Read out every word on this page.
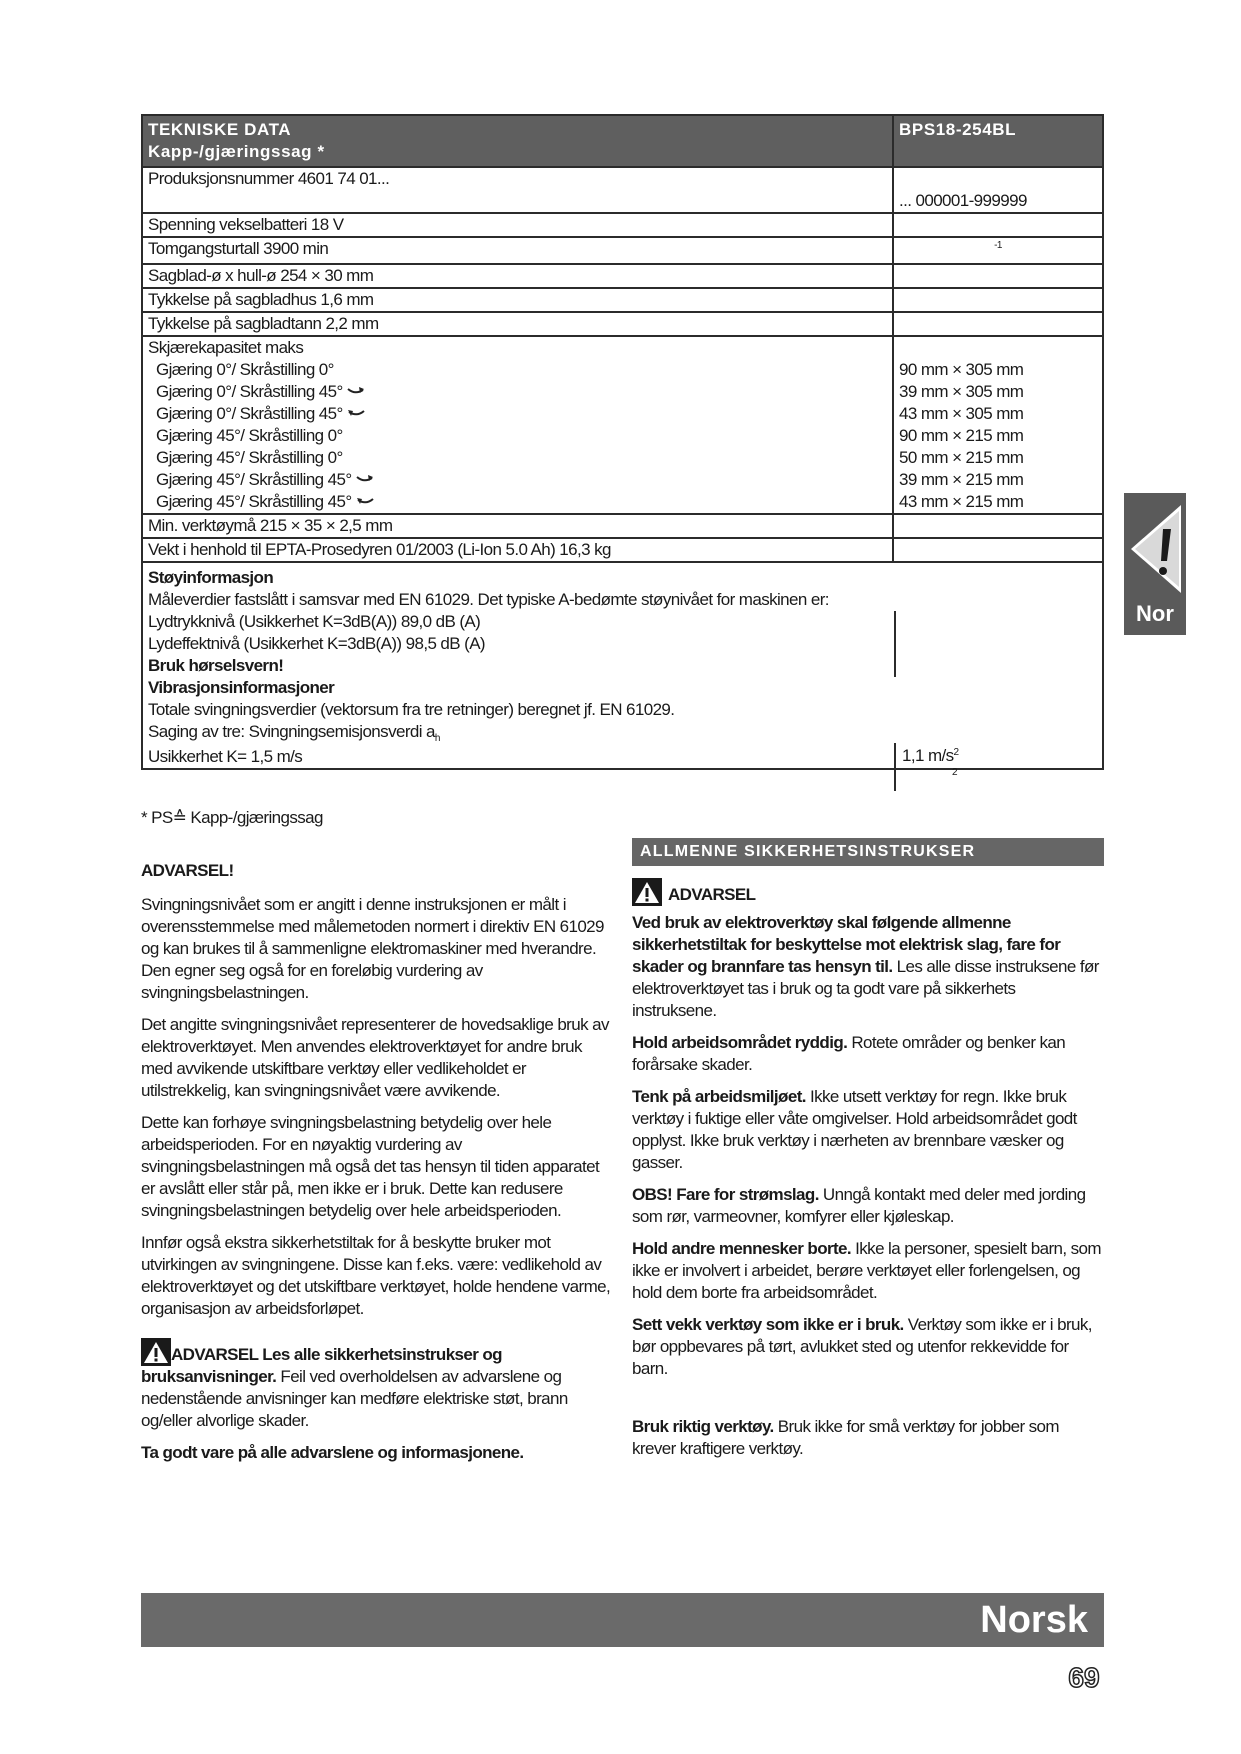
TEKNISKE DATA
Kapp-/gjæringssag *
BPS18-254BL
Produksjonsnummer 4601 74 01...
... 000001-999999
Spenning vekselbatteri 18 V
Tomgangsturtall 3900 min	$^{-1}$
Sagblad-ø x hull-ø 254 × 30 mm
Tykkelse på sagbladhus 1,6 mm
Tykkelse på sagbladtann 2,2 mm
Skjærekapasitet maks
Gjæring 0°/ Skråstilling 0°
Gjæring 0°/ Skråstilling 45°
Gjæring 0°/ Skråstilling 45°
Gjæring 45°/ Skråstilling 0°
Gjæring 45°/ Skråstilling 0°
Gjæring 45°/ Skråstilling 45°
Gjæring 45°/ Skråstilling 45°
90 mm × 305 mm
39 mm × 305 mm
43 mm × 305 mm
90 mm × 215 mm
50 mm × 215 mm
39 mm × 215 mm
43 mm × 215 mm
Min. verktøymå 215 × 35 × 2,5 mm
Vekt i henhold til EPTA-Prosedyren 01/2003 (Li-Ion 5.0 Ah) 16,3 kg
Støyinformasjon
Måleverdier fastslått i samsvar med EN 61029. Det typiske A-bedømte støynivået for maskinen er:
Lydtrykknivå (Usikkerhet K=3dB(A)) 89,0 dB (A)
Lydeffektnivå (Usikkerhet K=3dB(A)) 98,5 dB (A)
Bruk hørselsvern!
Vibrasjonsinformasjoner
Totale svingningsverdier (vektorsum fra tre retninger) beregnet jf. EN 61029.
Saging av tre: Svingningsemisjonsverdi $a_h$
Usikkerhet K= 1,5 m/s	1,1 $m/s^2$
$^2$
* PS≙ Kapp-/gjæringssag

ADVARSEL!

Svingningsnivået som er angitt i denne instruksjonen er målt i overensstemmelse med målemetoden normert i direktiv EN 61029 og kan brukes til å sammenligne elektromaskiner med hverandre. Den egner seg også for en foreløbig vurdering av svingningsbelastningen.

Det angitte svingningsnivået representerer de hovedsaklige bruk av elektroverktøyet. Men anvendes elektroverktøyet for andre bruk med avvikende utskiftbare verktøy eller vedlikeholdet er utilstrekkelig, kan svingningsnivået være avvikende.

Dette kan forhøye svingningsbelastning betydelig over hele arbeidsperioden. For en nøyaktig vurdering av svingningsbelastningen må også det tas hensyn til tiden apparatet er avslått eller står på, men ikke er i bruk. Dette kan redusere svingningsbelastningen betydelig over hele arbeidsperioden.

Innfør også ekstra sikkerhetstiltak for å beskytte bruker mot utvirkingen av svingningene. Disse kan f.eks. være: vedlikehold av elektroverktøyet og det utskiftbare verktøyet, holde hendene varme, organisasjon av arbeidsforløpet.

ADVARSEL Les alle sikkerhetsinstrukser og bruksanvisninger. Feil ved overholdelsen av advarslene og nedenstående anvisninger kan medføre elektriske støt, brann og/eller alvorlige skader.

Ta godt vare på alle advarslene og informasjonene.

ALLMENNE SIKKERHETSINSTRUKSER
ADVARSEL

Ved bruk av elektroverktøy skal følgende allmenne sikkerhetstiltak for beskyttelse mot elektrisk slag, fare for skader og brannfare tas hensyn til. Les alle disse instruksene før elektroverktøyet tas i bruk og ta godt vare på sikkerhets instruksene.

Hold arbeidsområdet ryddig. Rotete områder og benker kan forårsake skader.

Tenk på arbeidsmiljøet. Ikke utsett verktøy for regn. Ikke bruk verktøy i fuktige eller våte omgivelser. Hold arbeidsområdet godt opplyst. Ikke bruk verktøy i nærheten av brennbare væsker og gasser.

OBS! Fare for strømslag. Unngå kontakt med deler med jording som rør, varmeovner, komfyrer eller kjøleskap.

Hold andre mennesker borte. Ikke la personer, spesielt barn, som ikke er involvert i arbeidet, berøre verktøyet eller forlengelsen, og hold dem borte fra arbeidsområdet.

Sett vekk verktøy som ikke er i bruk. Verktøy som ikke er i bruk, bør oppbevares på tørt, avlukket sted og utenfor rekkevidde for barn.

Bruk riktig verktøy. Bruk ikke for små verktøy for jobber som krever kraftigere verktøy.

Nor
Norsk
69
